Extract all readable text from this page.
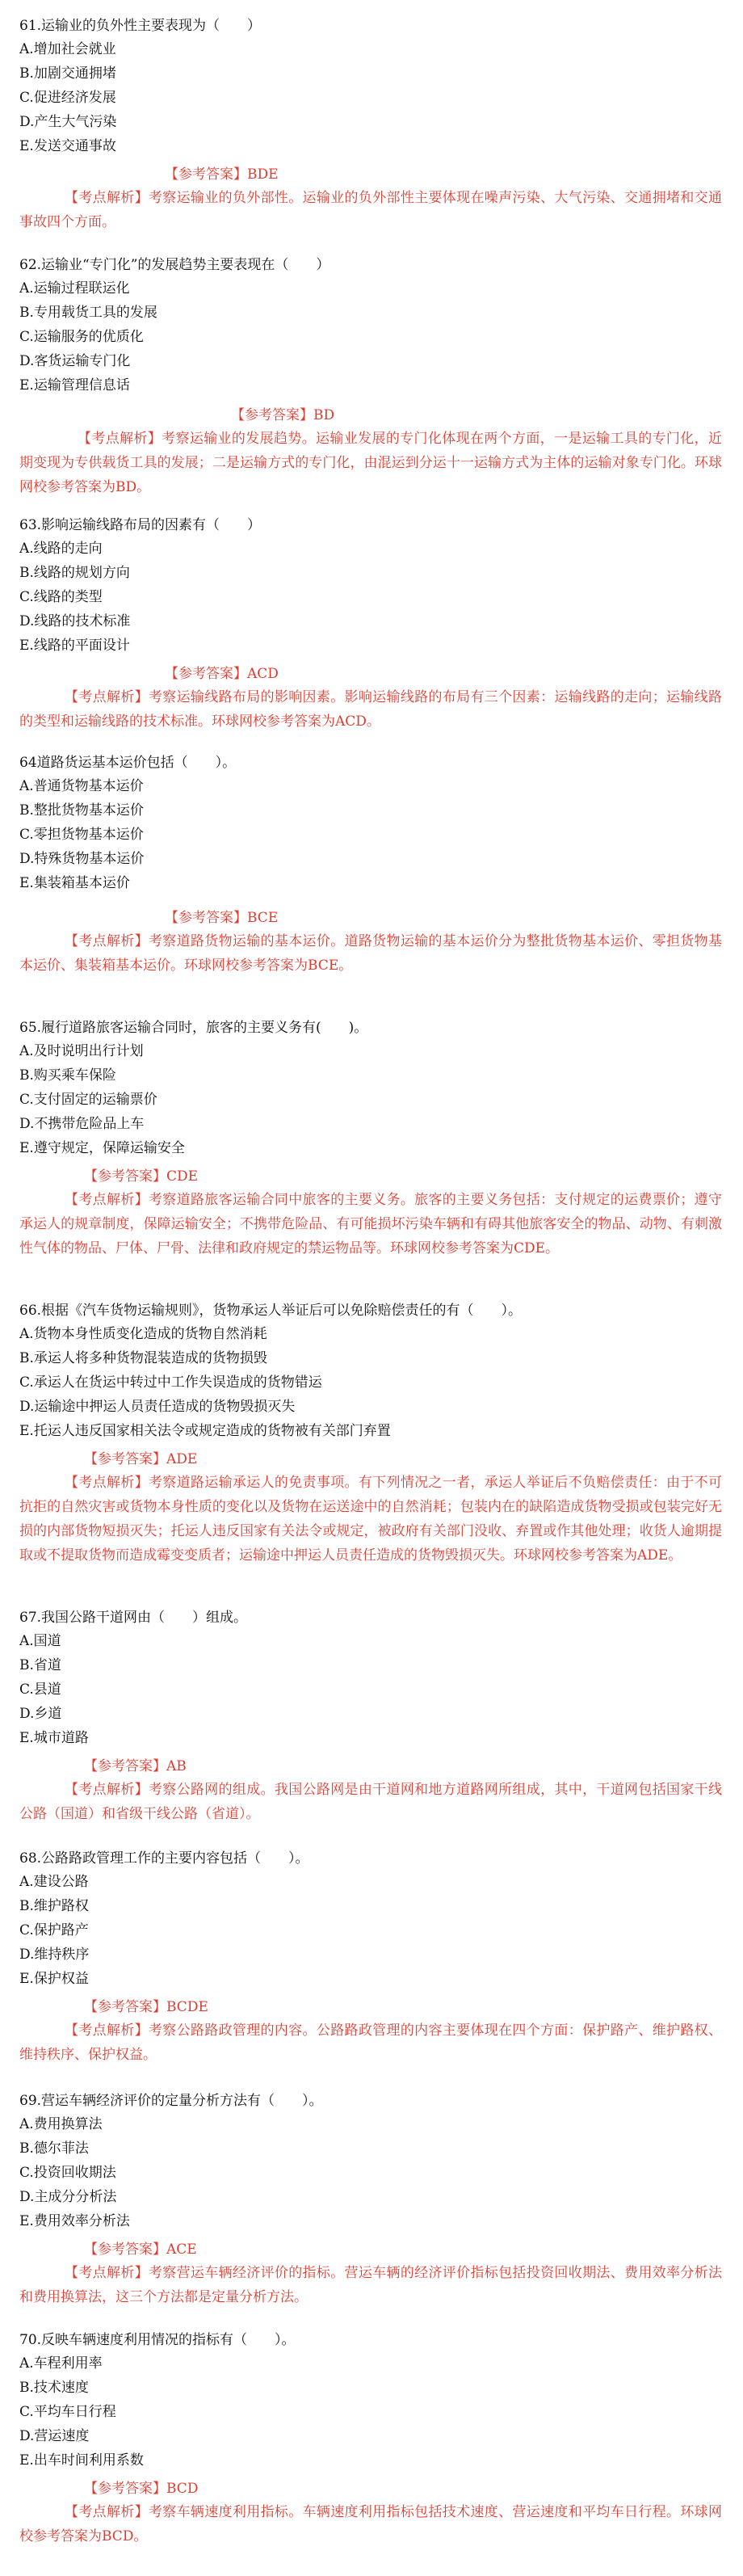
61.运输业的负外性主要表现为（　　）
A.增加社会就业
B.加剧交通拥堵
C.促进经济发展
D.产生大气污染
E.发送交通事故
【参考答案】BDE
【考点解析】考察运输业的负外部性。运输业的负外部性主要体现在噪声污染、大气污染、交通拥堵和交通事故四个方面。
62.运输业“专门化”的发展趋势主要表现在（　　）
A.运输过程联运化
B.专用载货工具的发展
C.运输服务的优质化
D.客货运输专门化
E.运输管理信息话
【参考答案】BD
【考点解析】考察运输业的发展趋势。运输业发展的专门化体现在两个方面，一是运输工具的专门化，近期变现为专供载货工具的发展；二是运输方式的专门化，由混运到分运十一运输方式为主体的运输对象专门化。环球网校参考答案为BD。
63.影响运输线路布局的因素有（　　）
A.线路的走向
B.线路的规划方向
C.线路的类型
D.线路的技术标准
E.线路的平面设计
【参考答案】ACD
【考点解析】考察运输线路布局的影响因素。影响运输线路的布局有三个因素：运输线路的走向；运输线路的类型和运输线路的技术标准。环球网校参考答案为ACD。
64道路货运基本运价包括（　　）。
A.普通货物基本运价
B.整批货物基本运价
C.零担货物基本运价
D.特殊货物基本运价
E.集装箱基本运价
【参考答案】BCE
【考点解析】考察道路货物运输的基本运价。道路货物运输的基本运价分为整批货物基本运价、零担货物基本运价、集装箱基本运价。环球网校参考答案为BCE。
65.履行道路旅客运输合同时，旅客的主要义务有(　　)。
A.及时说明出行计划
B.购买乘车保险
C.支付固定的运输票价
D.不携带危险品上车
E.遵守规定，保障运输安全
【参考答案】CDE
【考点解析】考察道路旅客运输合同中旅客的主要义务。旅客的主要义务包括：支付规定的运费票价；遵守承运人的规章制度，保障运输安全；不携带危险品、有可能损坏污染车辆和有碍其他旅客安全的物品、动物、有刺激性气体的物品、尸体、尸骨、法律和政府规定的禁运物品等。环球网校参考答案为CDE。
66.根据《汽车货物运输规则》，货物承运人举证后可以免除赔偿责任的有（　　）。
A.货物本身性质变化造成的货物自然消耗
B.承运人将多种货物混装造成的货物损毁
C.承运人在货运中转过中工作失误造成的货物错运
D.运输途中押运人员责任造成的货物毁损灭失
E.托运人违反国家相关法令或规定造成的货物被有关部门弃置
【参考答案】ADE
【考点解析】考察道路运输承运人的免责事项。有下列情况之一者，承运人举证后不负赔偿责任：由于不可抗拒的自然灾害或货物本身性质的变化以及货物在运送途中的自然消耗；包装内在的缺陷造成货物受损或包装完好无损的内部货物短损灭失；托运人违反国家有关法令或规定，被政府有关部门没收、弃置或作其他处理；收货人逾期提取或不提取货物而造成霉变变质者；运输途中押运人员责任造成的货物毁损灭失。环球网校参考答案为ADE。
67.我国公路干道网由（　　）组成。
A.国道
B.省道
C.县道
D.乡道
E.城市道路
【参考答案】AB
【考点解析】考察公路网的组成。我国公路网是由干道网和地方道路网所组成，其中，干道网包括国家干线公路（国道）和省级干线公路（省道）。
68.公路路政管理工作的主要内容包括（　　）。
A.建设公路
B.维护路权
C.保护路产
D.维持秩序
E.保护权益
【参考答案】BCDE
【考点解析】考察公路路政管理的内容。公路路政管理的内容主要体现在四个方面：保护路产、维护路权、维持秩序、保护权益。
69.营运车辆经济评价的定量分析方法有（　　）。
A.费用换算法
B.德尔菲法
C.投资回收期法
D.主成分分析法
E.费用效率分析法
【参考答案】ACE
【考点解析】考察营运车辆经济评价的指标。营运车辆的经济评价指标包括投资回收期法、费用效率分析法和费用换算法，这三个方法都是定量分析方法。
70.反映车辆速度利用情况的指标有（　　）。
A.车程利用率
B.技术速度
C.平均车日行程
D.营运速度
E.出车时间利用系数
【参考答案】BCD
【考点解析】考察车辆速度利用指标。车辆速度利用指标包括技术速度、营运速度和平均车日行程。环球网校参考答案为BCD。
